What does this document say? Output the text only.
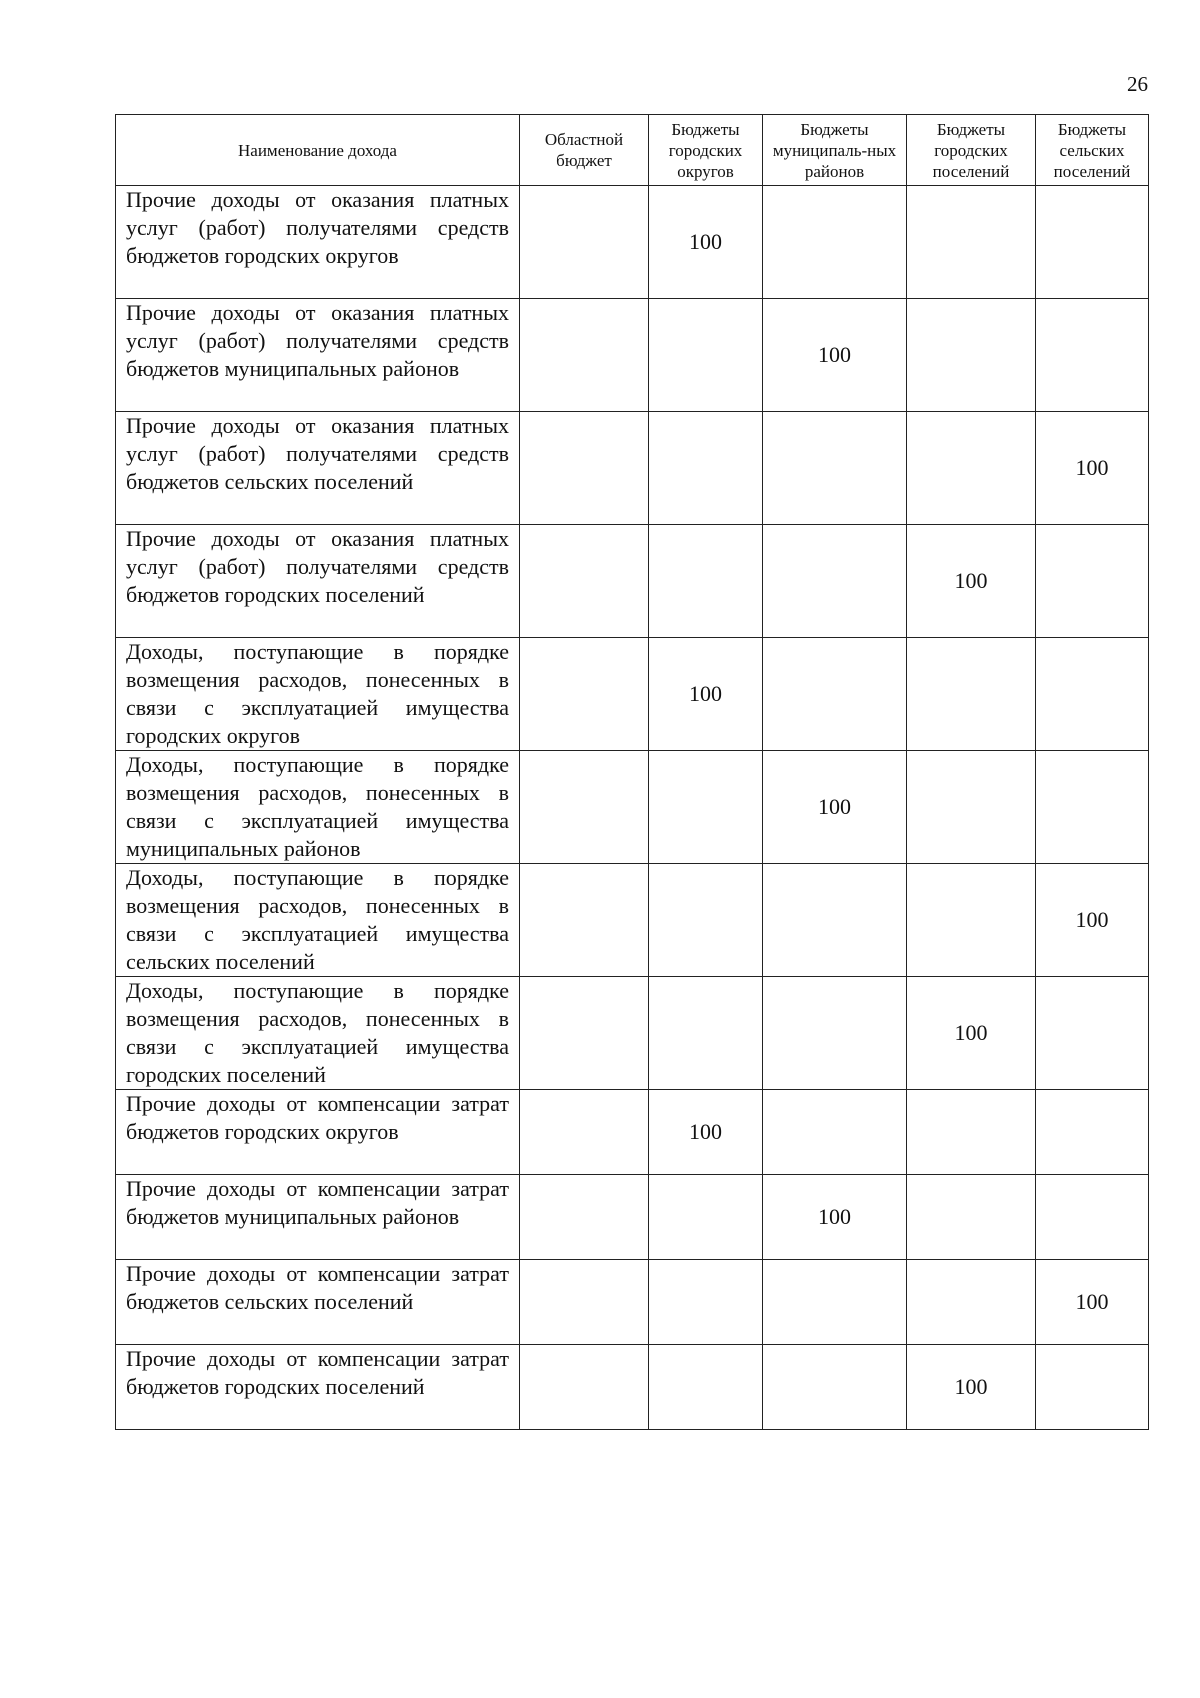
26
Наименование дохода	Областной бюджет	Бюджеты городских округов	Бюджеты муниципаль-ных районов	Бюджеты городских поселений	Бюджеты сельских поселений
Прочие доходы от оказания платных услуг (работ) получателями средств бюджетов городских округов		100			
Прочие доходы от оказания платных услуг (работ) получателями средств бюджетов муниципальных районов			100		
Прочие доходы от оказания платных услуг (работ) получателями средств бюджетов сельских поселений					100
Прочие доходы от оказания платных услуг (работ) получателями средств бюджетов городских поселений				100	
Доходы, поступающие в порядке возмещения расходов, понесенных в связи с эксплуатацией имущества городских округов		100			
Доходы, поступающие в порядке возмещения расходов, понесенных в связи с эксплуатацией имущества муниципальных районов			100		
Доходы, поступающие в порядке возмещения расходов, понесенных в связи с эксплуатацией имущества сельских поселений					100
Доходы, поступающие в порядке возмещения расходов, понесенных в связи с эксплуатацией имущества городских поселений				100	
Прочие доходы от компенсации затрат бюджетов городских округов		100			
Прочие доходы от компенсации затрат бюджетов муниципальных районов			100		
Прочие доходы от компенсации затрат бюджетов сельских поселений					100
Прочие доходы от компенсации затрат бюджетов городских поселений				100	
